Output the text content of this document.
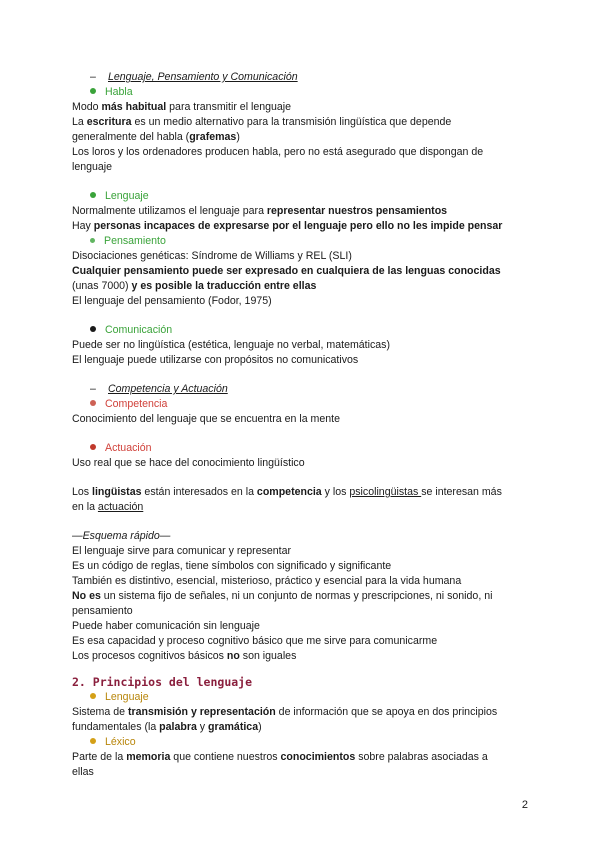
– Lenguaje, Pensamiento y Comunicación
Habla
Modo más habitual para transmitir el lenguaje
La escritura es un medio alternativo para la transmisión lingüística que depende
generalmente del habla (grafemas)
Los loros y los ordenadores producen habla, pero no está asegurado que dispongan de
lenguaje
Lenguaje
Normalmente utilizamos el lenguaje para representar nuestros pensamientos
Hay personas incapaces de expresarse por el lenguaje pero ello no les impide pensar
Pensamiento
Disociaciones genéticas: Síndrome de Williams y REL (SLI)
Cualquier pensamiento puede ser expresado en cualquiera de las lenguas conocidas
(unas 7000) y es posible la traducción entre ellas
El lenguaje del pensamiento (Fodor, 1975)
Comunicación
Puede ser no lingüística (estética, lenguaje no verbal, matemáticas)
El lenguaje puede utilizarse con propósitos no comunicativos
– Competencia y Actuación
Competencia
Conocimiento del lenguaje que se encuentra en la mente
Actuación
Uso real que se hace del conocimiento lingüístico
Los lingüistas están interesados en la competencia y los psicolingüistas se interesan más
en la actuación
—Esquema rápido—
El lenguaje sirve para comunicar y representar
Es un código de reglas, tiene símbolos con significado y significante
También es distintivo, esencial, misterioso, práctico y esencial para la vida humana
No es un sistema fijo de señales, ni un conjunto de normas y prescripciones, ni sonido, ni
pensamiento
Puede haber comunicación sin lenguaje
Es esa capacidad y proceso cognitivo básico que me sirve para comunicarme
Los procesos cognitivos básicos no son iguales
2. Principios del lenguaje
Lenguaje
Sistema de transmisión y representación de información que se apoya en dos principios
fundamentales (la palabra y gramática)
Léxico
Parte de la memoria que contiene nuestros conocimientos sobre palabras asociadas a
ellas
2
